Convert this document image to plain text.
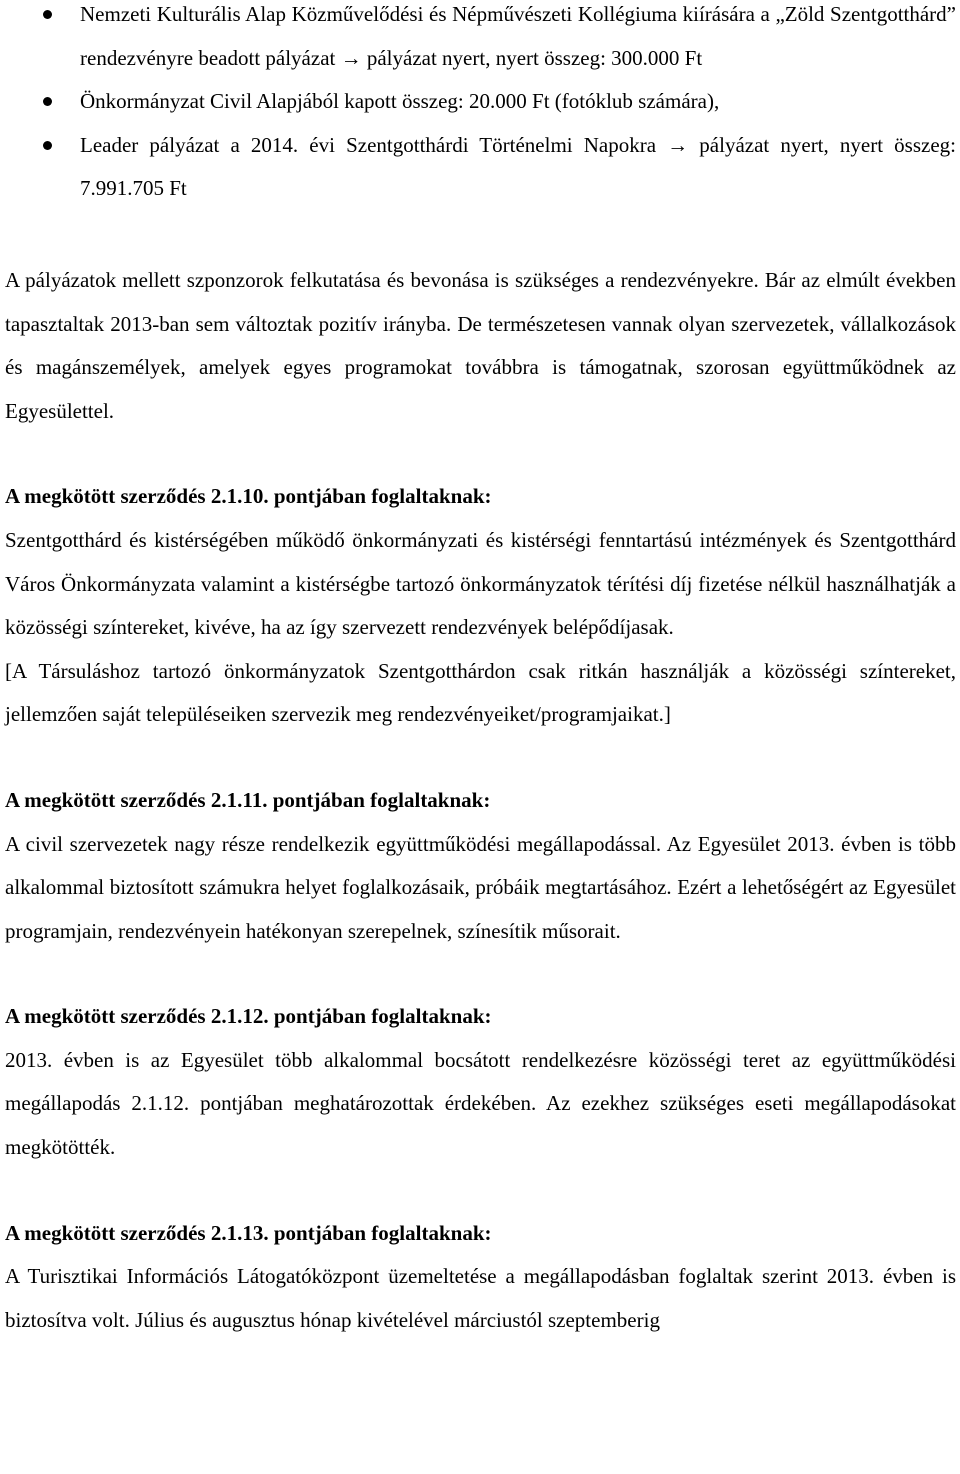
Nemzeti Kulturális Alap Közművelődési és Népművészeti Kollégiuma kiírására a „Zöld Szentgotthárd” rendezvényre beadott pályázat → pályázat nyert, nyert összeg: 300.000 Ft
Önkormányzat Civil Alapjából kapott összeg: 20.000 Ft (fotóklub számára),
Leader pályázat a 2014. évi Szentgotthárdi Történelmi Napokra → pályázat nyert, nyert összeg: 7.991.705 Ft

A pályázatok mellett szponzorok felkutatása és bevonása is szükséges a rendezvényekre. Bár az elmúlt években tapasztaltak 2013-ban sem változtak pozitív irányba. De természetesen vannak olyan szervezetek, vállalkozások és magánszemélyek, amelyek egyes programokat továbbra is támogatnak, szorosan együttműködnek az Egyesülettel.

A megkötött szerződés 2.1.10. pontjában foglaltaknak:

Szentgotthárd és kistérségében működő önkormányzati és kistérségi fenntartású intézmények és Szentgotthárd Város Önkormányzata valamint a kistérségbe tartozó önkormányzatok térítési díj fizetése nélkül használhatják a közösségi színtereket, kivéve, ha az így szervezett rendezvények belépődíjasak.

[A Társuláshoz tartozó önkormányzatok Szentgotthárdon csak ritkán használják a közösségi színtereket, jellemzően saját településeiken szervezik meg rendezvényeiket/programjaikat.]

A megkötött szerződés 2.1.11. pontjában foglaltaknak:

A civil szervezetek nagy része rendelkezik együttműködési megállapodással. Az Egyesület 2013. évben is több alkalommal biztosított számukra helyet foglalkozásaik, próbáik megtartásához. Ezért a lehetőségért az Egyesület programjain, rendezvényein hatékonyan szerepelnek, színesítik műsorait.

A megkötött szerződés 2.1.12. pontjában foglaltaknak:

2013. évben is az Egyesület több alkalommal bocsátott rendelkezésre közösségi teret az együttműködési megállapodás 2.1.12. pontjában meghatározottak érdekében. Az ezekhez szükséges eseti megállapodásokat megkötötték.

A megkötött szerződés 2.1.13. pontjában foglaltaknak:

A Turisztikai Információs Látogatóközpont üzemeltetése a megállapodásban foglaltak szerint 2013. évben is biztosítva volt. Július és augusztus hónap kivételével márciustól szeptemberig
